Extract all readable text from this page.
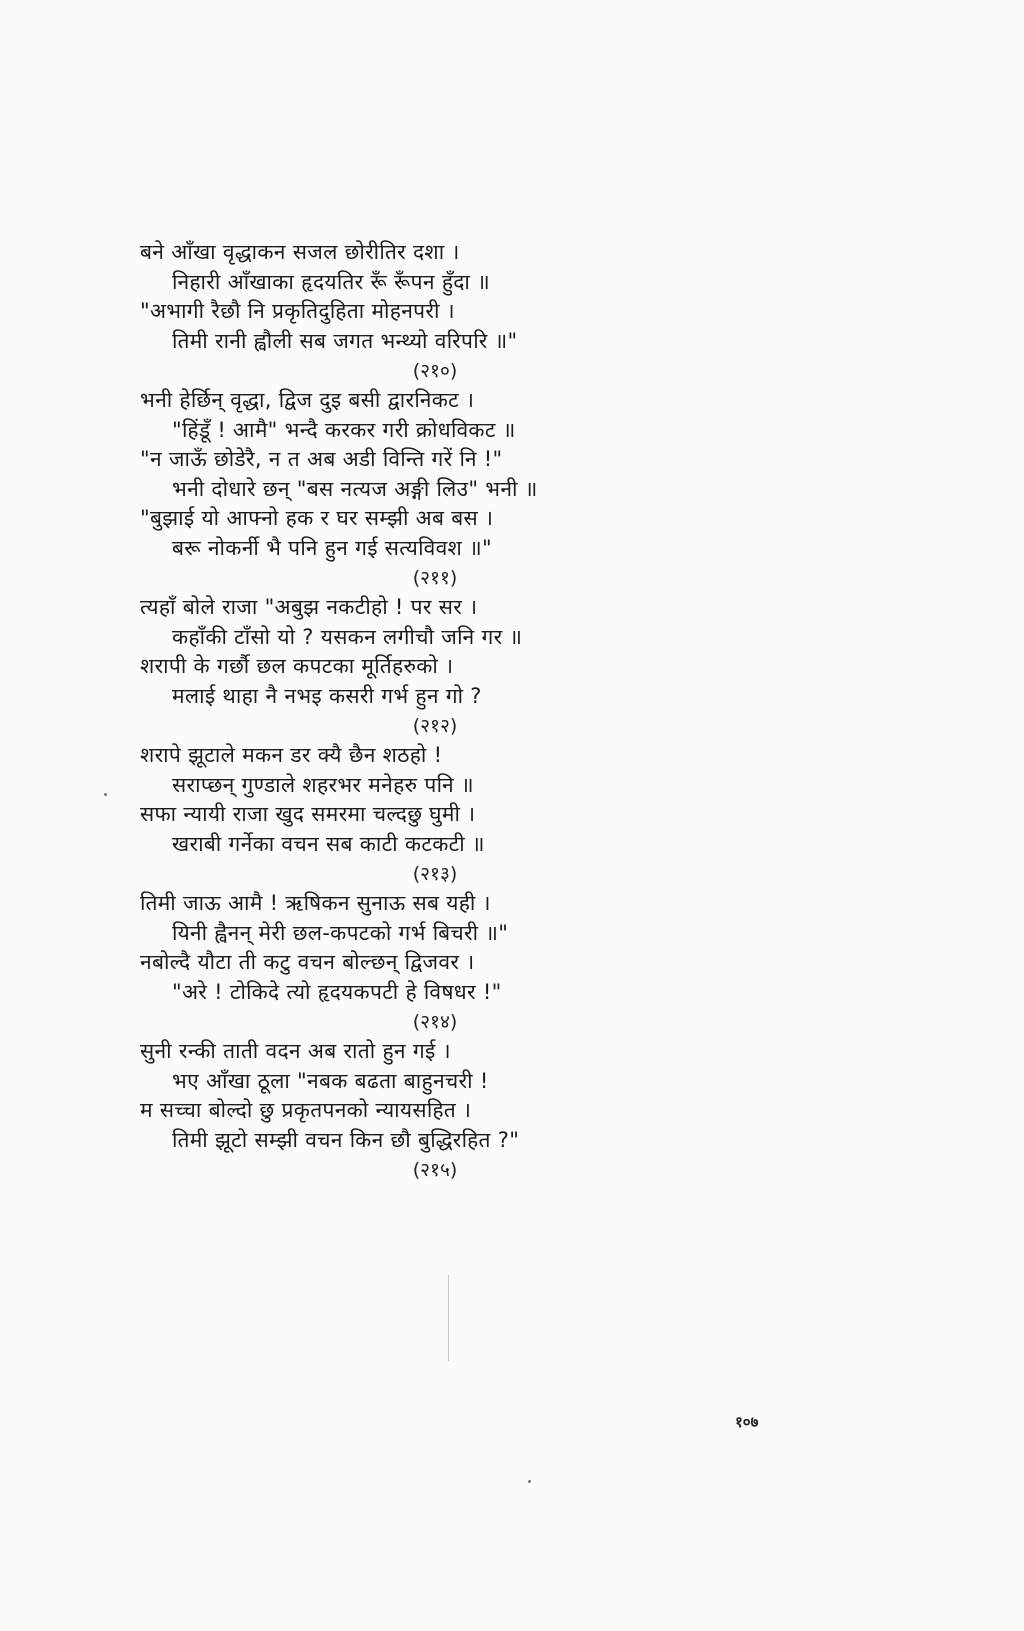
बने आँखा वृद्धाकन सजल छोरीतिर दशा ।
निहारी आँखाका हृदयतिर रूँ रूँपन हुँदा ॥
"अभागी रैछौ नि प्रकृतिदुहिता मोहनपरी ।
तिमी रानी ह्वौली सब जगत भन्थ्यो वरिपरि ॥"
(२१०)
भनी हेर्छिन् वृद्धा, द्विज दुइ बसी द्वारनिकट ।
"हिंडूँ ! आमै" भन्दै करकर गरी क्रोधविकट ॥
"न जाऊँ छोडेरै, न त अब अडी विन्ति गरें नि !"
भनी दोधारे छन् "बस नत्यज अङ्गी लिउ" भनी ॥
"बुझाई यो आफ्नो हक र घर सम्झी अब बस ।
बरू नोकर्नी भै पनि हुन गई सत्यविवश ॥"
(२११)
त्यहाँ बोले राजा "अबुझ नकटीहो ! पर सर ।
कहाँकी टाँसो यो ? यसकन लगीचौ जनि गर ॥
शरापी के गर्छौ छल कपटका मूर्तिहरुको ।
मलाई थाहा नै नभइ कसरी गर्भ हुन गो ?
(२१२)
शरापे झूटाले मकन डर क्यै छैन शठहो !
सराप्छन् गुण्डाले शहरभर मनेहरु पनि ॥
सफा न्यायी राजा खुद समरमा चल्दछु घुमी ।
खराबी गर्नेका वचन सब काटी कटकटी ॥
(२१३)
तिमी जाऊ आमै ! ऋषिकन सुनाऊ सब यही ।
यिनी ह्वैनन् मेरी छल-कपटको गर्भ बिचरी ॥"
नबोल्दै यौटा ती कटु वचन बोल्छन् द्विजवर ।
"अरे ! टोकिदे त्यो हृदयकपटी हे विषधर !"
(२१४)
सुनी रन्की ताती वदन अब रातो हुन गई ।
भए आँखा ठूला "नबक बढता बाहुनचरी !
म सच्चा बोल्दो छु प्रकृतपनको न्यायसहित ।
तिमी झूटो सम्झी वचन किन छौ बुद्धिरहित ?"
(२१५)
१०७
